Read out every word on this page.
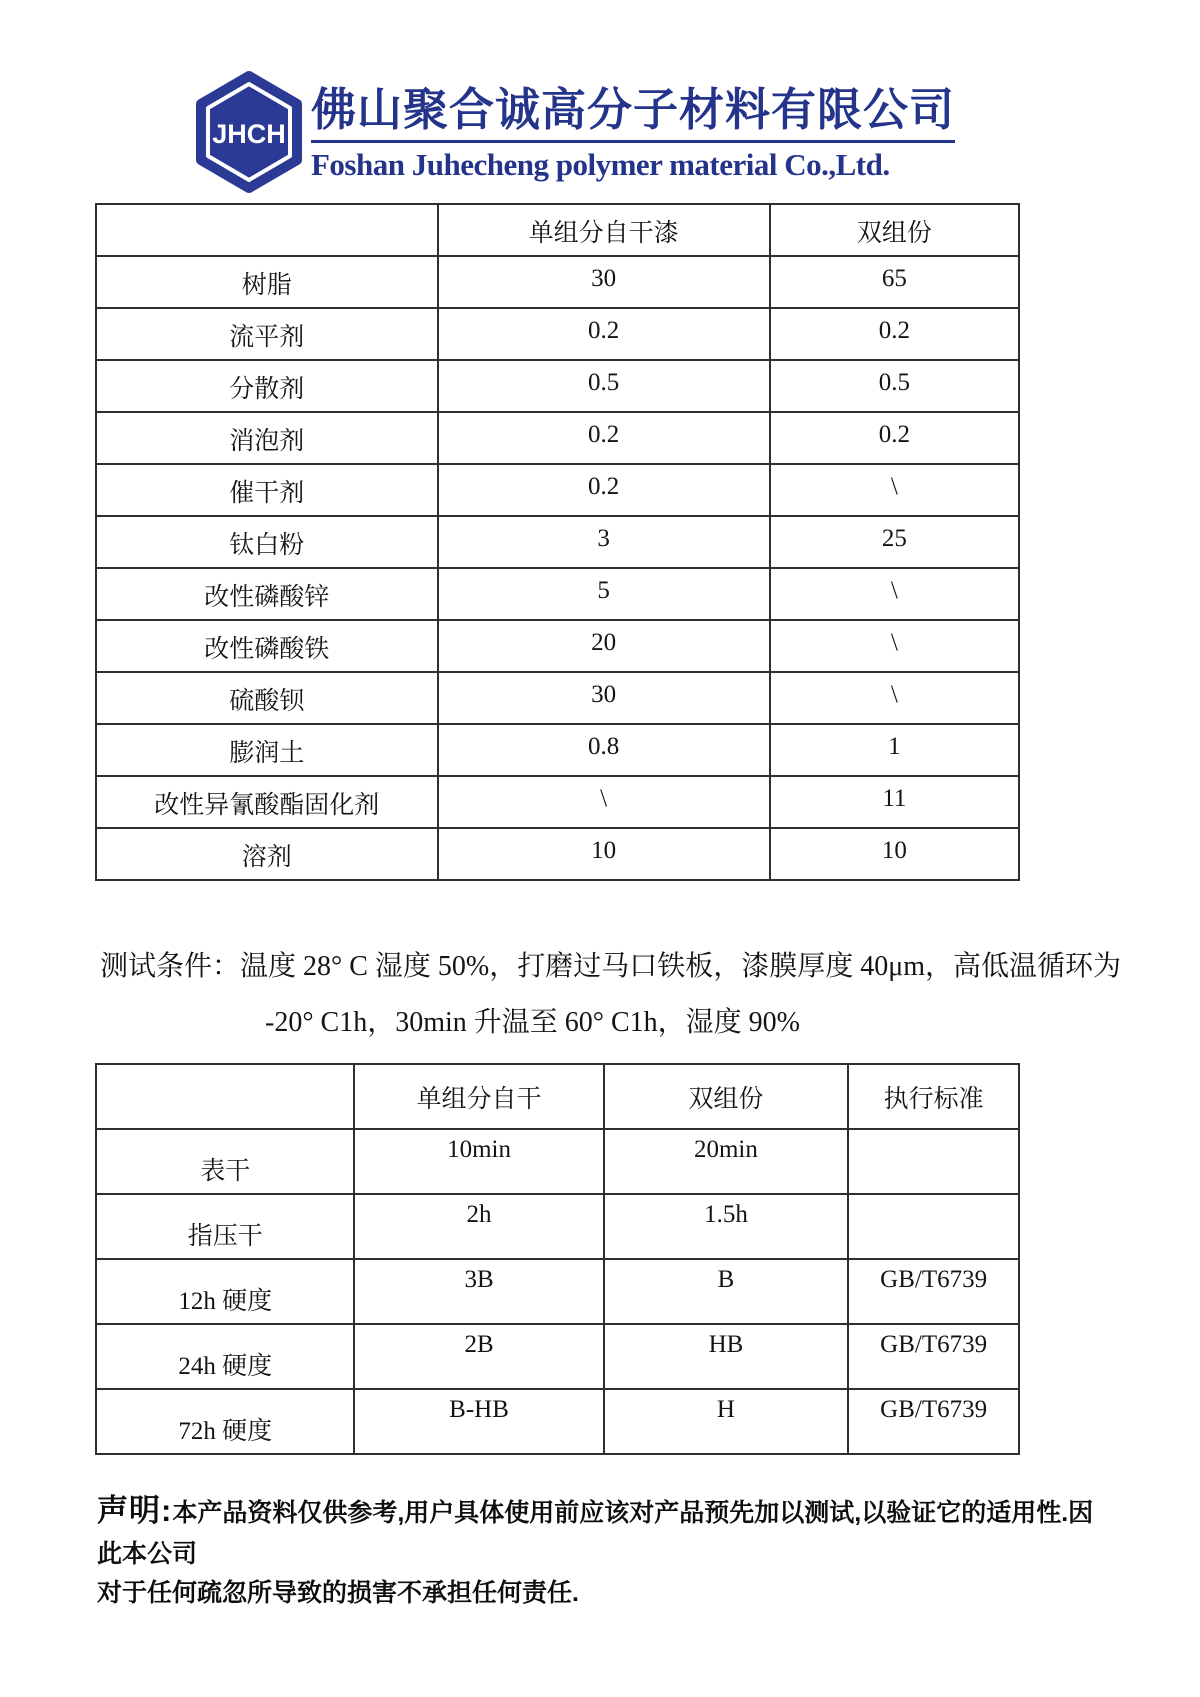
JHCH 佛山聚合诚高分子材料有限公司
Foshan Juhecheng polymer material Co.,Ltd.
	单组分自干漆	双组份
树脂	30	65
流平剂	0.2	0.2
分散剂	0.5	0.5
消泡剂	0.2	0.2
催干剂	0.2	\
钛白粉	3	25
改性磷酸锌	5	\
改性磷酸铁	20	\
硫酸钡	30	\
膨润土	0.8	1
改性异氰酸酯固化剂	\	11
溶剂	10	10
测试条件：温度 28° C 湿度 50%，打磨过马口铁板，漆膜厚度 40μm，高低温循环为
-20° C1h，30min 升温至 60° C1h，湿度 90%
	单组分自干	双组份	执行标准
表干	10min	20min	
指压干	2h	1.5h	
12h 硬度	3B	B	GB/T6739
24h 硬度	2B	HB	GB/T6739
72h 硬度	B-HB	H	GB/T6739
声明:本产品资料仅供参考,用户具体使用前应该对产品预先加以测试,以验证它的适用性.因此本公司
对于任何疏忽所导致的损害不承担任何责任.
